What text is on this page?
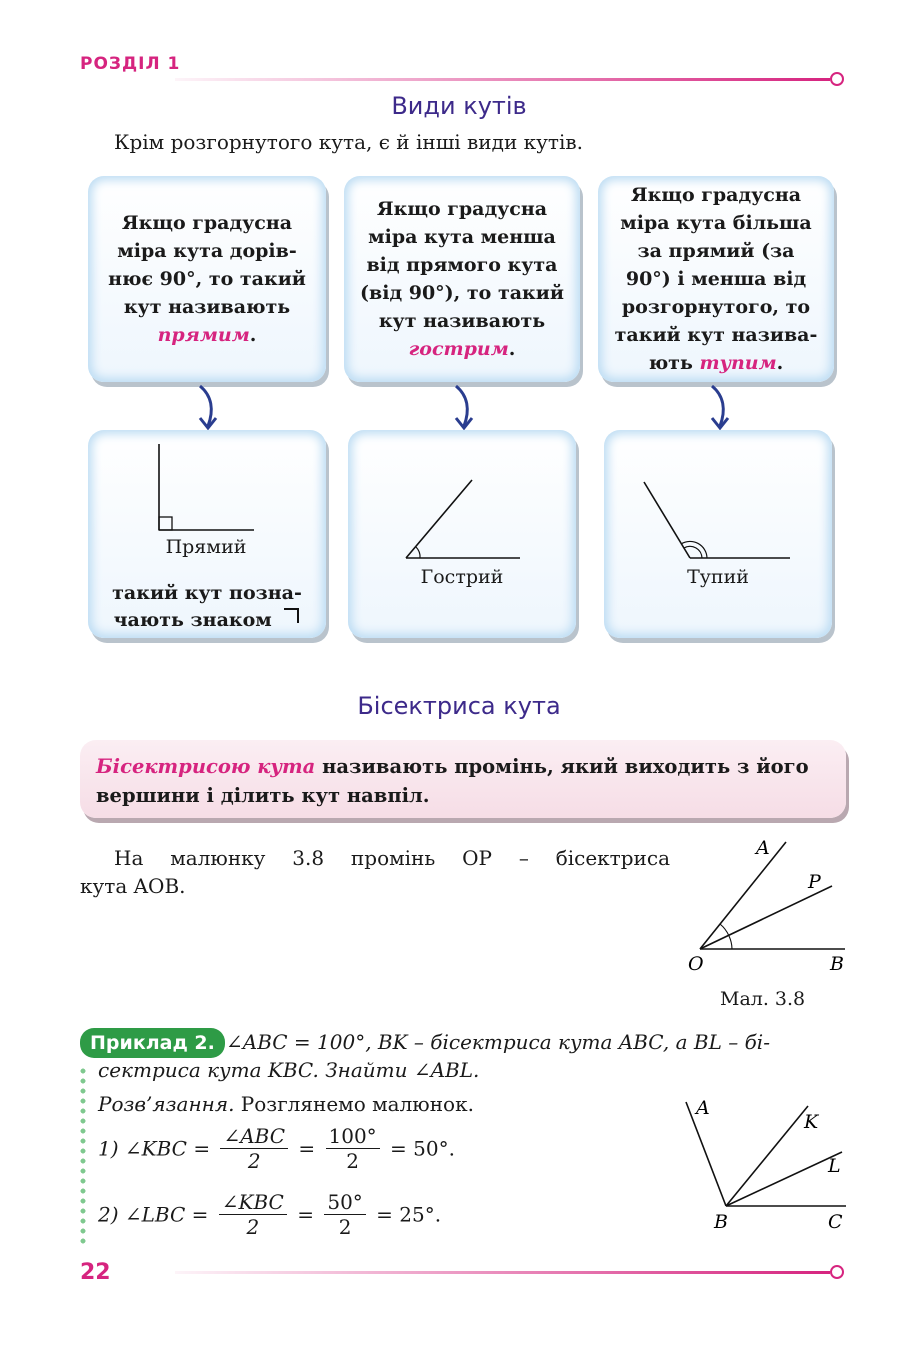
РОЗДІЛ 1
Види кутів
Крім розгорнутого кута, є й інші види кутів.
Якщо градусна міра кута дорівнює 90°, то такий кут називають прямим.
Якщо градусна міра кута менша від прямого кута (від 90°), то такий кут називають гострим.
Якщо градусна міра кута більша за прямий (за 90°) і менша від розгорнутого, то такий кут називають тупим.
Прямий
такий кут позна-
чають знаком
Гострий	Тупий
Бісектриса кута
Бісектрисою кута називають промінь, який виходить з його вершини і ділить кут навпіл.
На малюнку 3.8 промінь OP – бісектриса
кута AOB.
A
P
O	B
Мал. 3.8
Приклад 2. ∠ABC = 100°, BK – бісектриса кута ABC, а BL – бі-
сектриса кута KBC. Знайти ∠ABL.
Розв’язання. Розглянемо малюнок.
1) ∠KBC = $\frac{\text{∠ABC}}{2} = \frac{100^\circ}{2} = 50^\circ$.
2) ∠LBC = $\frac{\text{∠KBC}}{2} = \frac{50^\circ}{2} = 25^\circ$.
A
K
L
B	C
22
